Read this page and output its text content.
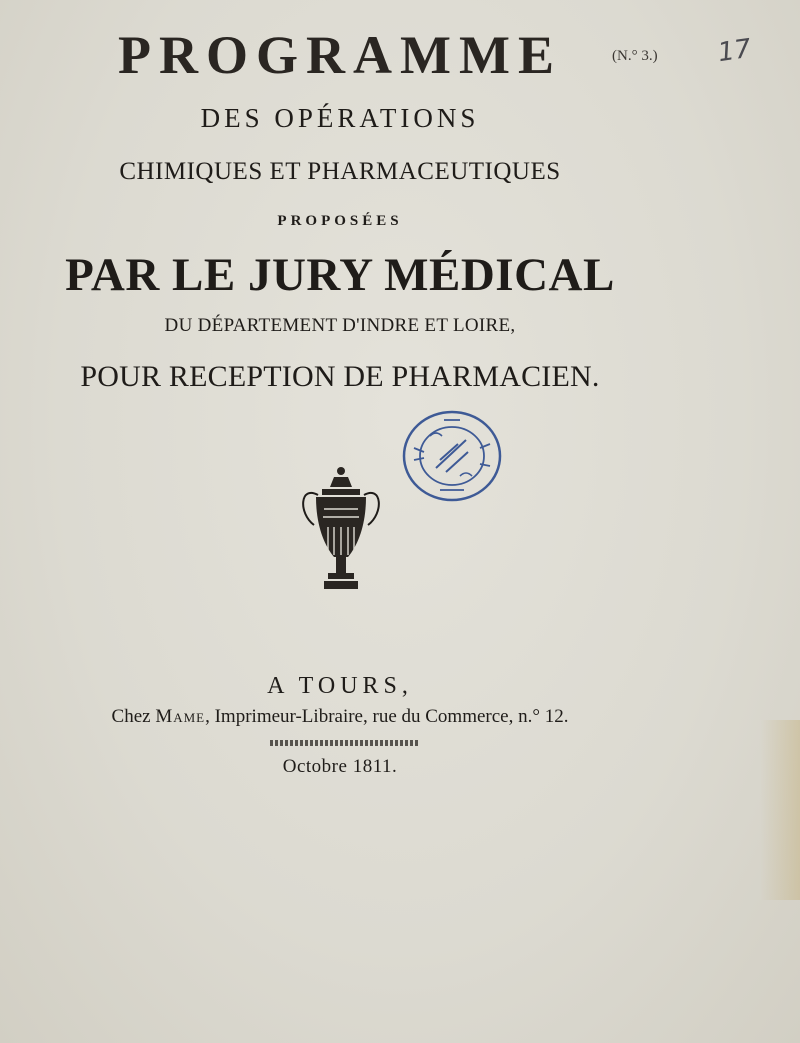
PROGRAMME	(N.° 3.) 17
DES OPÉRATIONS
CHIMIQUES ET PHARMACEUTIQUES
PROPOSÉES
PAR LE JURY MÉDICAL
DU DÉPARTEMENT D'INDRE ET LOIRE,
POUR RECEPTION DE PHARMACIEN.
A TOURS,
Chez Mame, Imprimeur-Libraire, rue du Commerce, n.° 12.
Octobre 1811.
